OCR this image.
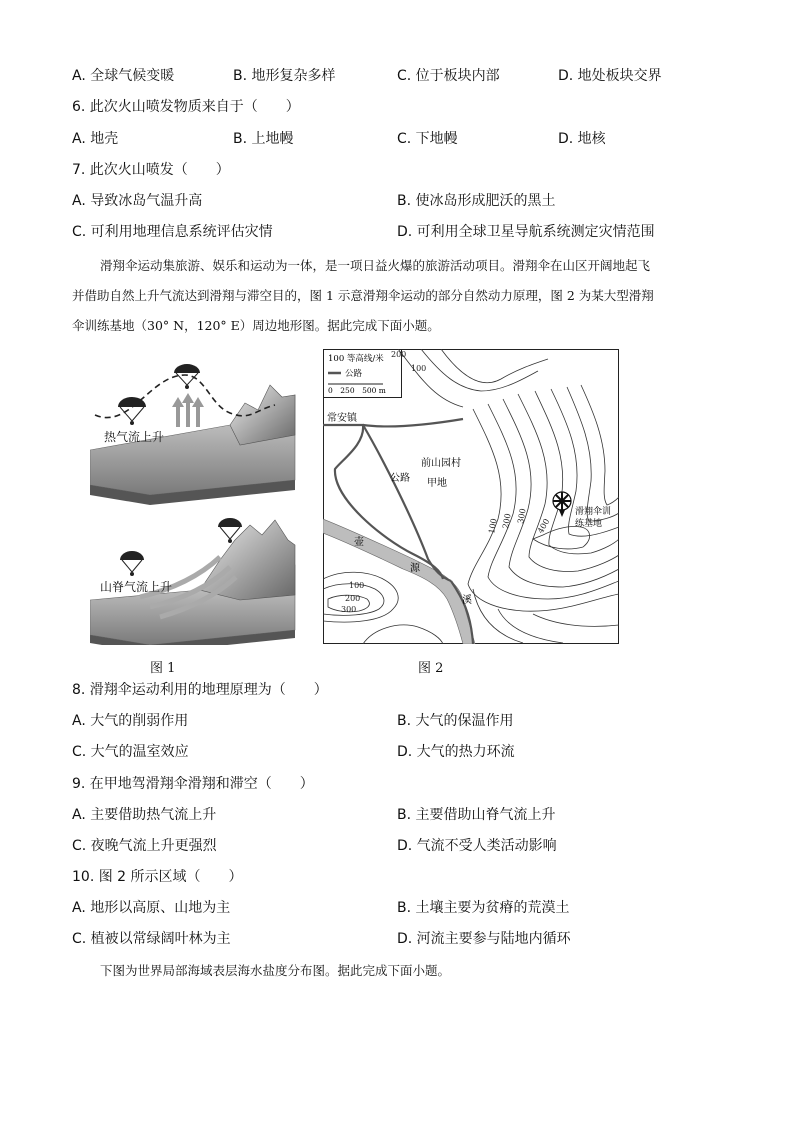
A. 全球气候变暖	B. 地形复杂多样	C. 位于板块内部	D. 地处板块交界
6. 此次火山喷发物质来自于（　　）
A. 地壳	B. 上地幔	C. 下地幔	D. 地核
7. 此次火山喷发（　　）
A. 导致冰岛气温升高	B. 使冰岛形成肥沃的黑土
C. 可利用地理信息系统评估灾情	D. 可利用全球卫星导航系统测定灾情范围
滑翔伞运动集旅游、娱乐和运动为一体，是一项日益火爆的旅游活动项目。滑翔伞在山区开阔地起飞
并借助自然上升气流达到滑翔与滞空目的，图 1 示意滑翔伞运动的部分自然动力原理，图 2 为某大型滑翔
伞训练基地（30° N，120° E）周边地形图。据此完成下面小题。
热气流上升
山脊气流上升
图 1
100 等高线/米
公路
0　250　500 m
常安镇
前山园村
甲地
公路
壶
源
溪
滑翔伞训
练基地
100
200
300
100 200 300
400
200
100
图 2
8. 滑翔伞运动利用的地理原理为（　　）
A. 大气的削弱作用	B. 大气的保温作用
C. 大气的温室效应	D. 大气的热力环流
9. 在甲地驾滑翔伞滑翔和滞空（　　）
A. 主要借助热气流上升	B. 主要借助山脊气流上升
C. 夜晚气流上升更强烈	D. 气流不受人类活动影响
10. 图 2 所示区域（　　）
A. 地形以高原、山地为主	B. 土壤主要为贫瘠的荒漠土
C. 植被以常绿阔叶林为主	D. 河流主要参与陆地内循环
下图为世界局部海域表层海水盐度分布图。据此完成下面小题。
